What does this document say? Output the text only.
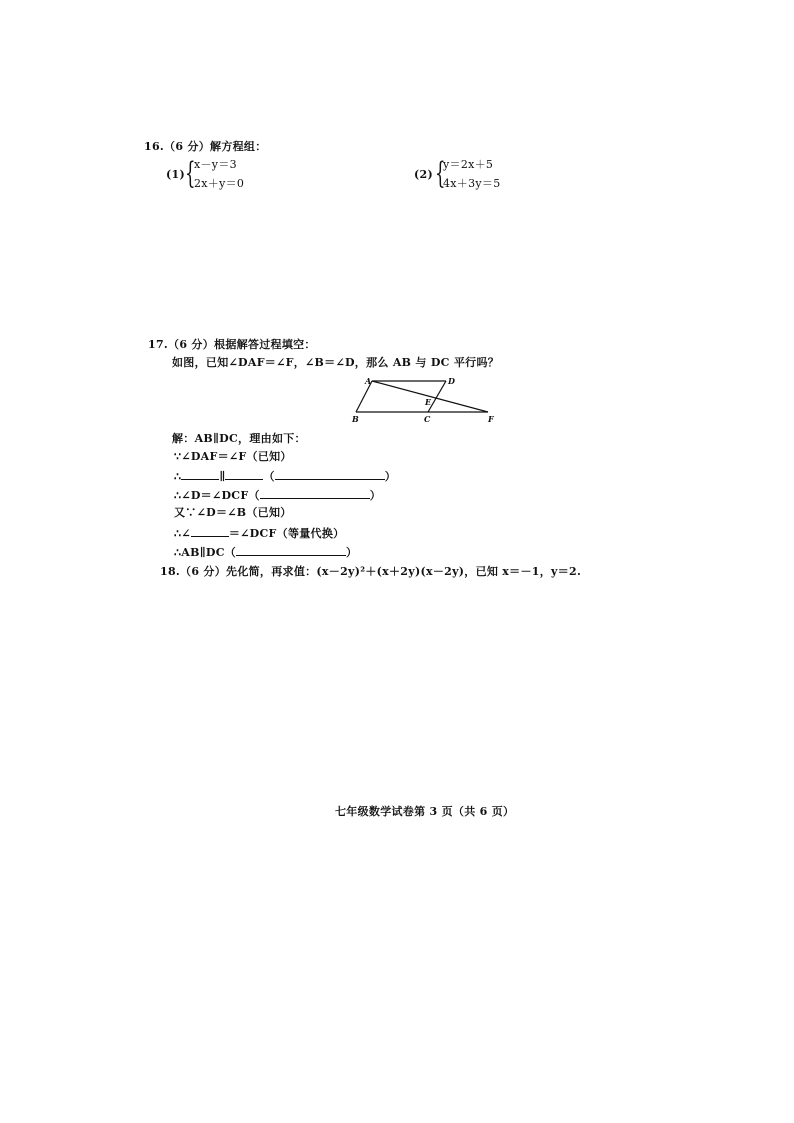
16.（6 分）解方程组：
(1) {
x－y＝3
2x＋y＝0
(2) {
y＝2x＋5
4x＋3y＝5
17.（6 分）根据解答过程填空：
如图，已知∠DAF＝∠F，∠B＝∠D，那么 AB 与 DC 平行吗？
A	D
E
B	C	F
解：AB∥DC，理由如下：
∵∠DAF＝∠F（已知）
∴	∥	（	）
∴∠D＝∠DCF（	）
又∵∠D＝∠B（已知）
∴∠	＝∠DCF（等量代换）
∴AB∥DC（	）
18.（6 分）先化简，再求值：(x－2y)²＋(x＋2y)(x－2y)，已知 x＝－1，y＝2.
七年级数学试卷第 3 页（共 6 页）
